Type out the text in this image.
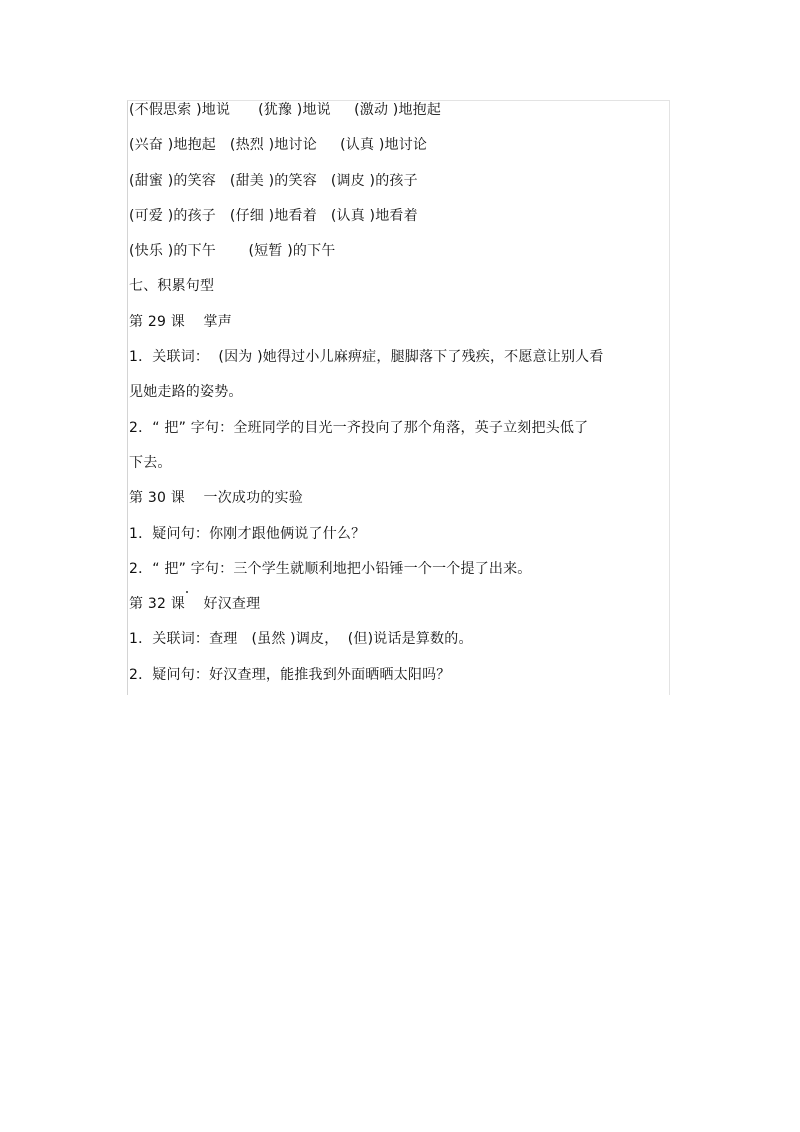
(不假思索 )地说      (犹豫 )地说     (激动 )地抱起
(兴奋 )地抱起   (热烈 )地讨论     (认真 )地讨论
(甜蜜 )的笑容   (甜美 )的笑容   (调皮 )的孩子
(可爱 )的孩子   (仔细 )地看着   (认真 )地看着
(快乐 )的下午       (短暂 )的下午
七、积累句型
第 29 课    掌声
1．关联词：  (因为 )她得过小儿麻痹症，腿脚落下了残疾，不愿意让别人看
见她走路的姿势。
2．“ 把” 字句：全班同学的目光一齐投向了那个角落，英子立刻把头低了
下去。
第 30 课    一次成功的实验
1．疑问句：你刚才跟他俩说了什么？
2．“ 把” 字句：三个学生就顺利地把小铅锤一个一个提了出来。
第 32 课    好汉查理
1．关联词：查理   (虽然 )调皮，  (但)说话是算数的。
2．疑问句：好汉查理，能推我到外面晒晒太阳吗？
